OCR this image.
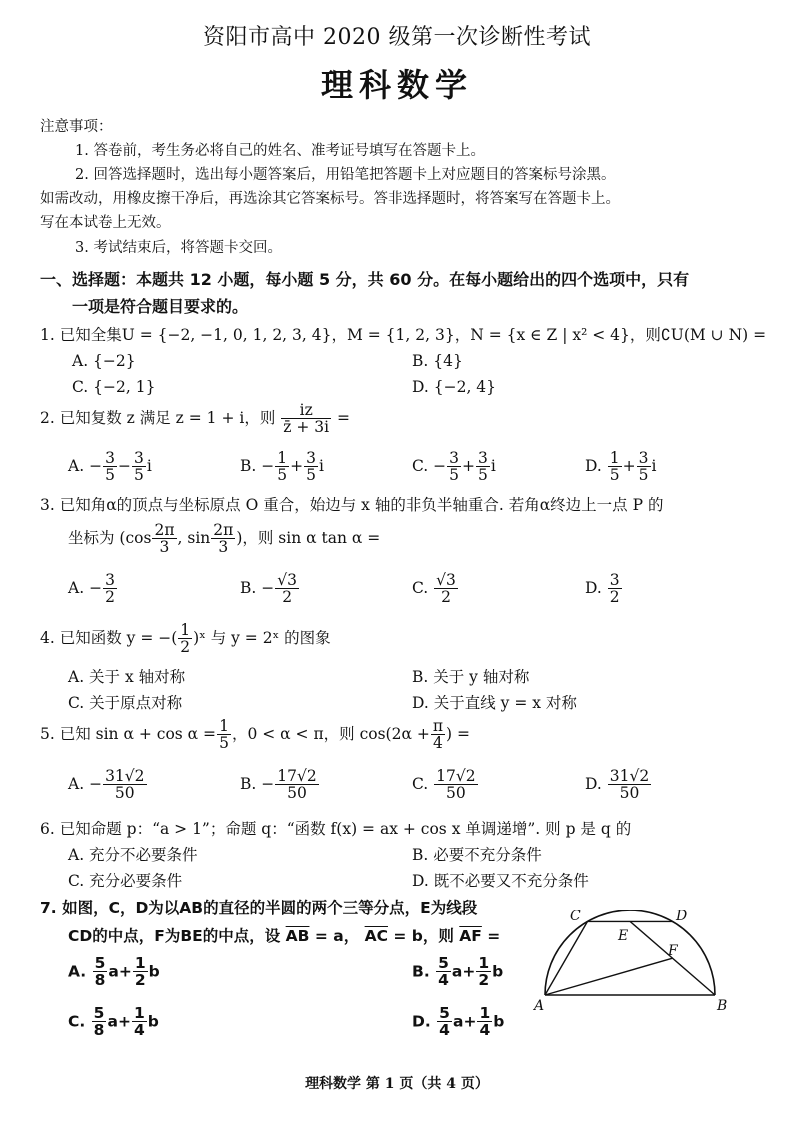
资阳市高中 2020 级第一次诊断性考试
理科数学
注意事项：
1. 答卷前，考生务必将自己的姓名、准考证号填写在答题卡上。
2. 回答选择题时，选出每小题答案后，用铅笔把答题卡上对应题目的答案标号涂黑。
如需改动，用橡皮擦干净后，再选涂其它答案标号。答非选择题时，将答案写在答题卡上。
写在本试卷上无效。
3. 考试结束后，将答题卡交回。
一、选择题：本题共 12 小题，每小题 5 分，共 60 分。在每小题给出的四个选项中，只有
一项是符合题目要求的。
1. 已知全集U = {−2, −1, 0, 1, 2, 3, 4}，M = {1, 2, 3}，N = {x ∈ Z | x² < 4}，则∁U(M ∪ N) =
A. {−2}	B. {4}
C. {−2, 1}	D. {−2, 4}
2. 已知复数 z 满足 z = 1 + i，则 $\frac{iz}{z̄ + 3i}$ =
A. − $\frac{3}{5} - \frac{3}{5}$ i	B. − $\frac{1}{5} + \frac{3}{5}$ i	C. − $\frac{3}{5} + \frac{3}{5}$ i	D. $\frac{1}{5} + \frac{3}{5}$ i
3. 已知角α的顶点与坐标原点 O 重合，始边与 x 轴的非负半轴重合. 若角α终边上一点 P 的
坐标为 ($\cos \frac{2\pi}{3}$ , $\sin \frac{2\pi}{3}$ )，则 sin α tan α =
A. − $\frac{3}{2}$	B. − $\frac{√3}{2}$	C. $\frac{√3}{2}$	D. $\frac{3}{2}$
4. 已知函数 y = −( $\frac{1}{2}$ )ˣ 与 y = 2ˣ 的图象
A. 关于 x 轴对称	B. 关于 y 轴对称
C. 关于原点对称	D. 关于直线 y = x 对称
5. 已知 $\sin \alpha + \cos \alpha = \frac{1}{5}$ ，0 < α < π，则 $\cos(2\alpha + \frac{\pi}{4}$ ) =
A. − $\frac{31√2}{50}$	B. − $\frac{17√2}{50}$	C. $\frac{17√2}{50}$	D. $\frac{31√2}{50}$
6. 已知命题 p：“a > 1”；命题 q：“函数 f(x) = ax + cos x 单调递增”. 则 p 是 q 的
A. 充分不必要条件	B. 必要不充分条件
C. 充分必要条件	D. 既不必要又不充分条件
7. 如图，C，D为以AB的直径的半圆的两个三等分点，E为线段
CD的中点，F为BE的中点，设 $\overline{AB} = a$， $\overline{AC} = b$，则 $\overline{AF}$ =
A. $\frac{5}{8} a+ \frac{1}{2}$ b	B. $\frac{5}{4} a+ \frac{1}{2}$ b
C. $\frac{5}{8} a+ \frac{1}{4}$ b	D. $\frac{5}{4} a+ \frac{1}{4}$ b
A	B
C	D
E
F
理科数学 第 1 页（共 4 页）
